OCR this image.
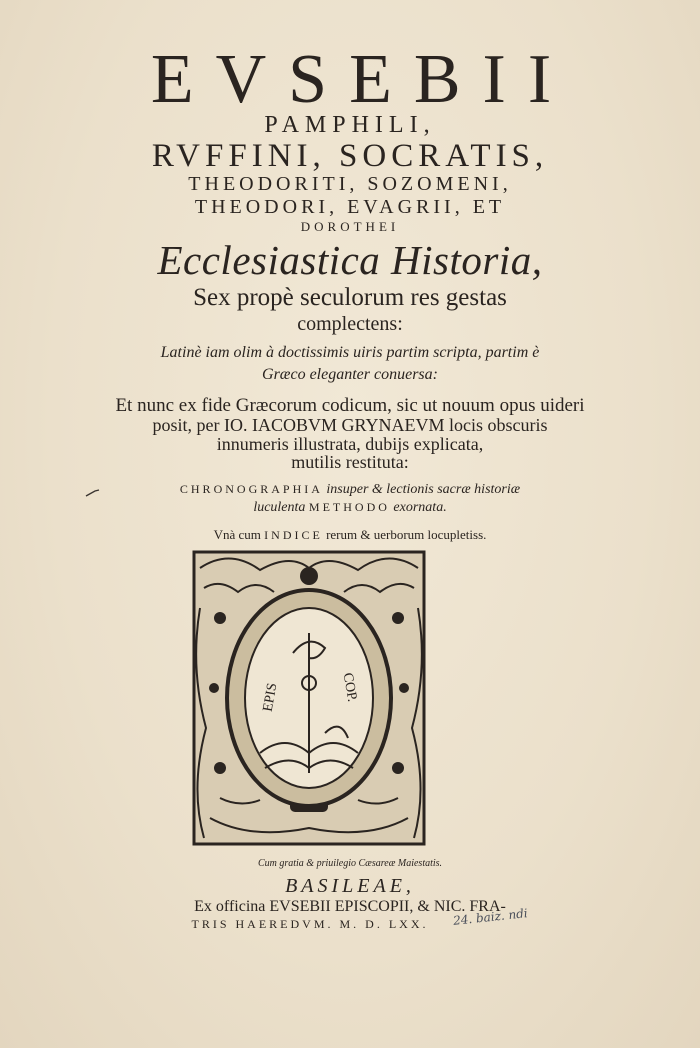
EVSEBII
PAMPHILI,
RVFFINI, SOCRATIS,
THEODORITI, SOZOMENI,
THEODORI, EVAGRII, ET
DOROTHEI
Ecclesiastica Historia,
Sex propè seculorum res gestas
complectens:
Latinè iam olim à doctissimis uiris partim scripta, partim è
Græco eleganter conuersa:
Et nunc ex fide Græcorum codicum, sic ut nouum opus uideri
posit, per IO. IACOBVM GRYNAEVM locis obscuris
innumeris illustrata, dubijs explicata,
mutilis restituta:
CHRONOGRAPHIA insuper & lectionis sacræ historiæ
luculenta METHODO exornata.
Vnà cum INDICE rerum & uerborum locupletiss.
EPIS	COP.
Cum gratia & priuilegio Cæsareæ Maiestatis.
BASILEAE,
Ex officina EVSEBII EPISCOPII, & NIC. FRA-
TRIS HAEREDVM. M. D. LXX.	24. baiz. ndi
